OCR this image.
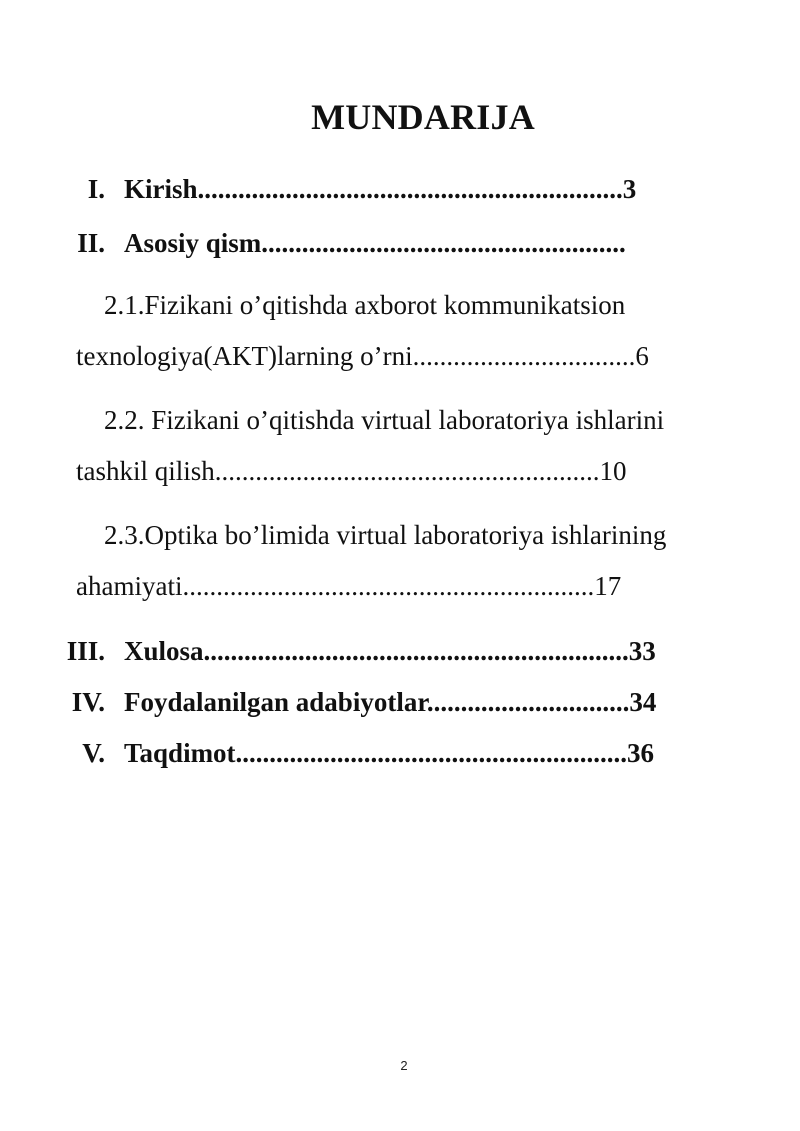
MUNDARIJA
I. Kirish...............................................................3
II. Asosiy qism......................................................
2.1.Fizikani o’qitishda axborot kommunikatsion
texnologiya(AKT)larning o’rni.................................6
2.2. Fizikani o’qitishda virtual laboratoriya ishlarini
tashkil qilish.........................................................10
2.3.Optika bo’limida virtual laboratoriya ishlarining
ahamiyati.............................................................17
III. Xulosa...............................................................33
IV. Foydalanilgan adabiyotlar..............................34
V. Taqdimot..........................................................36
2
